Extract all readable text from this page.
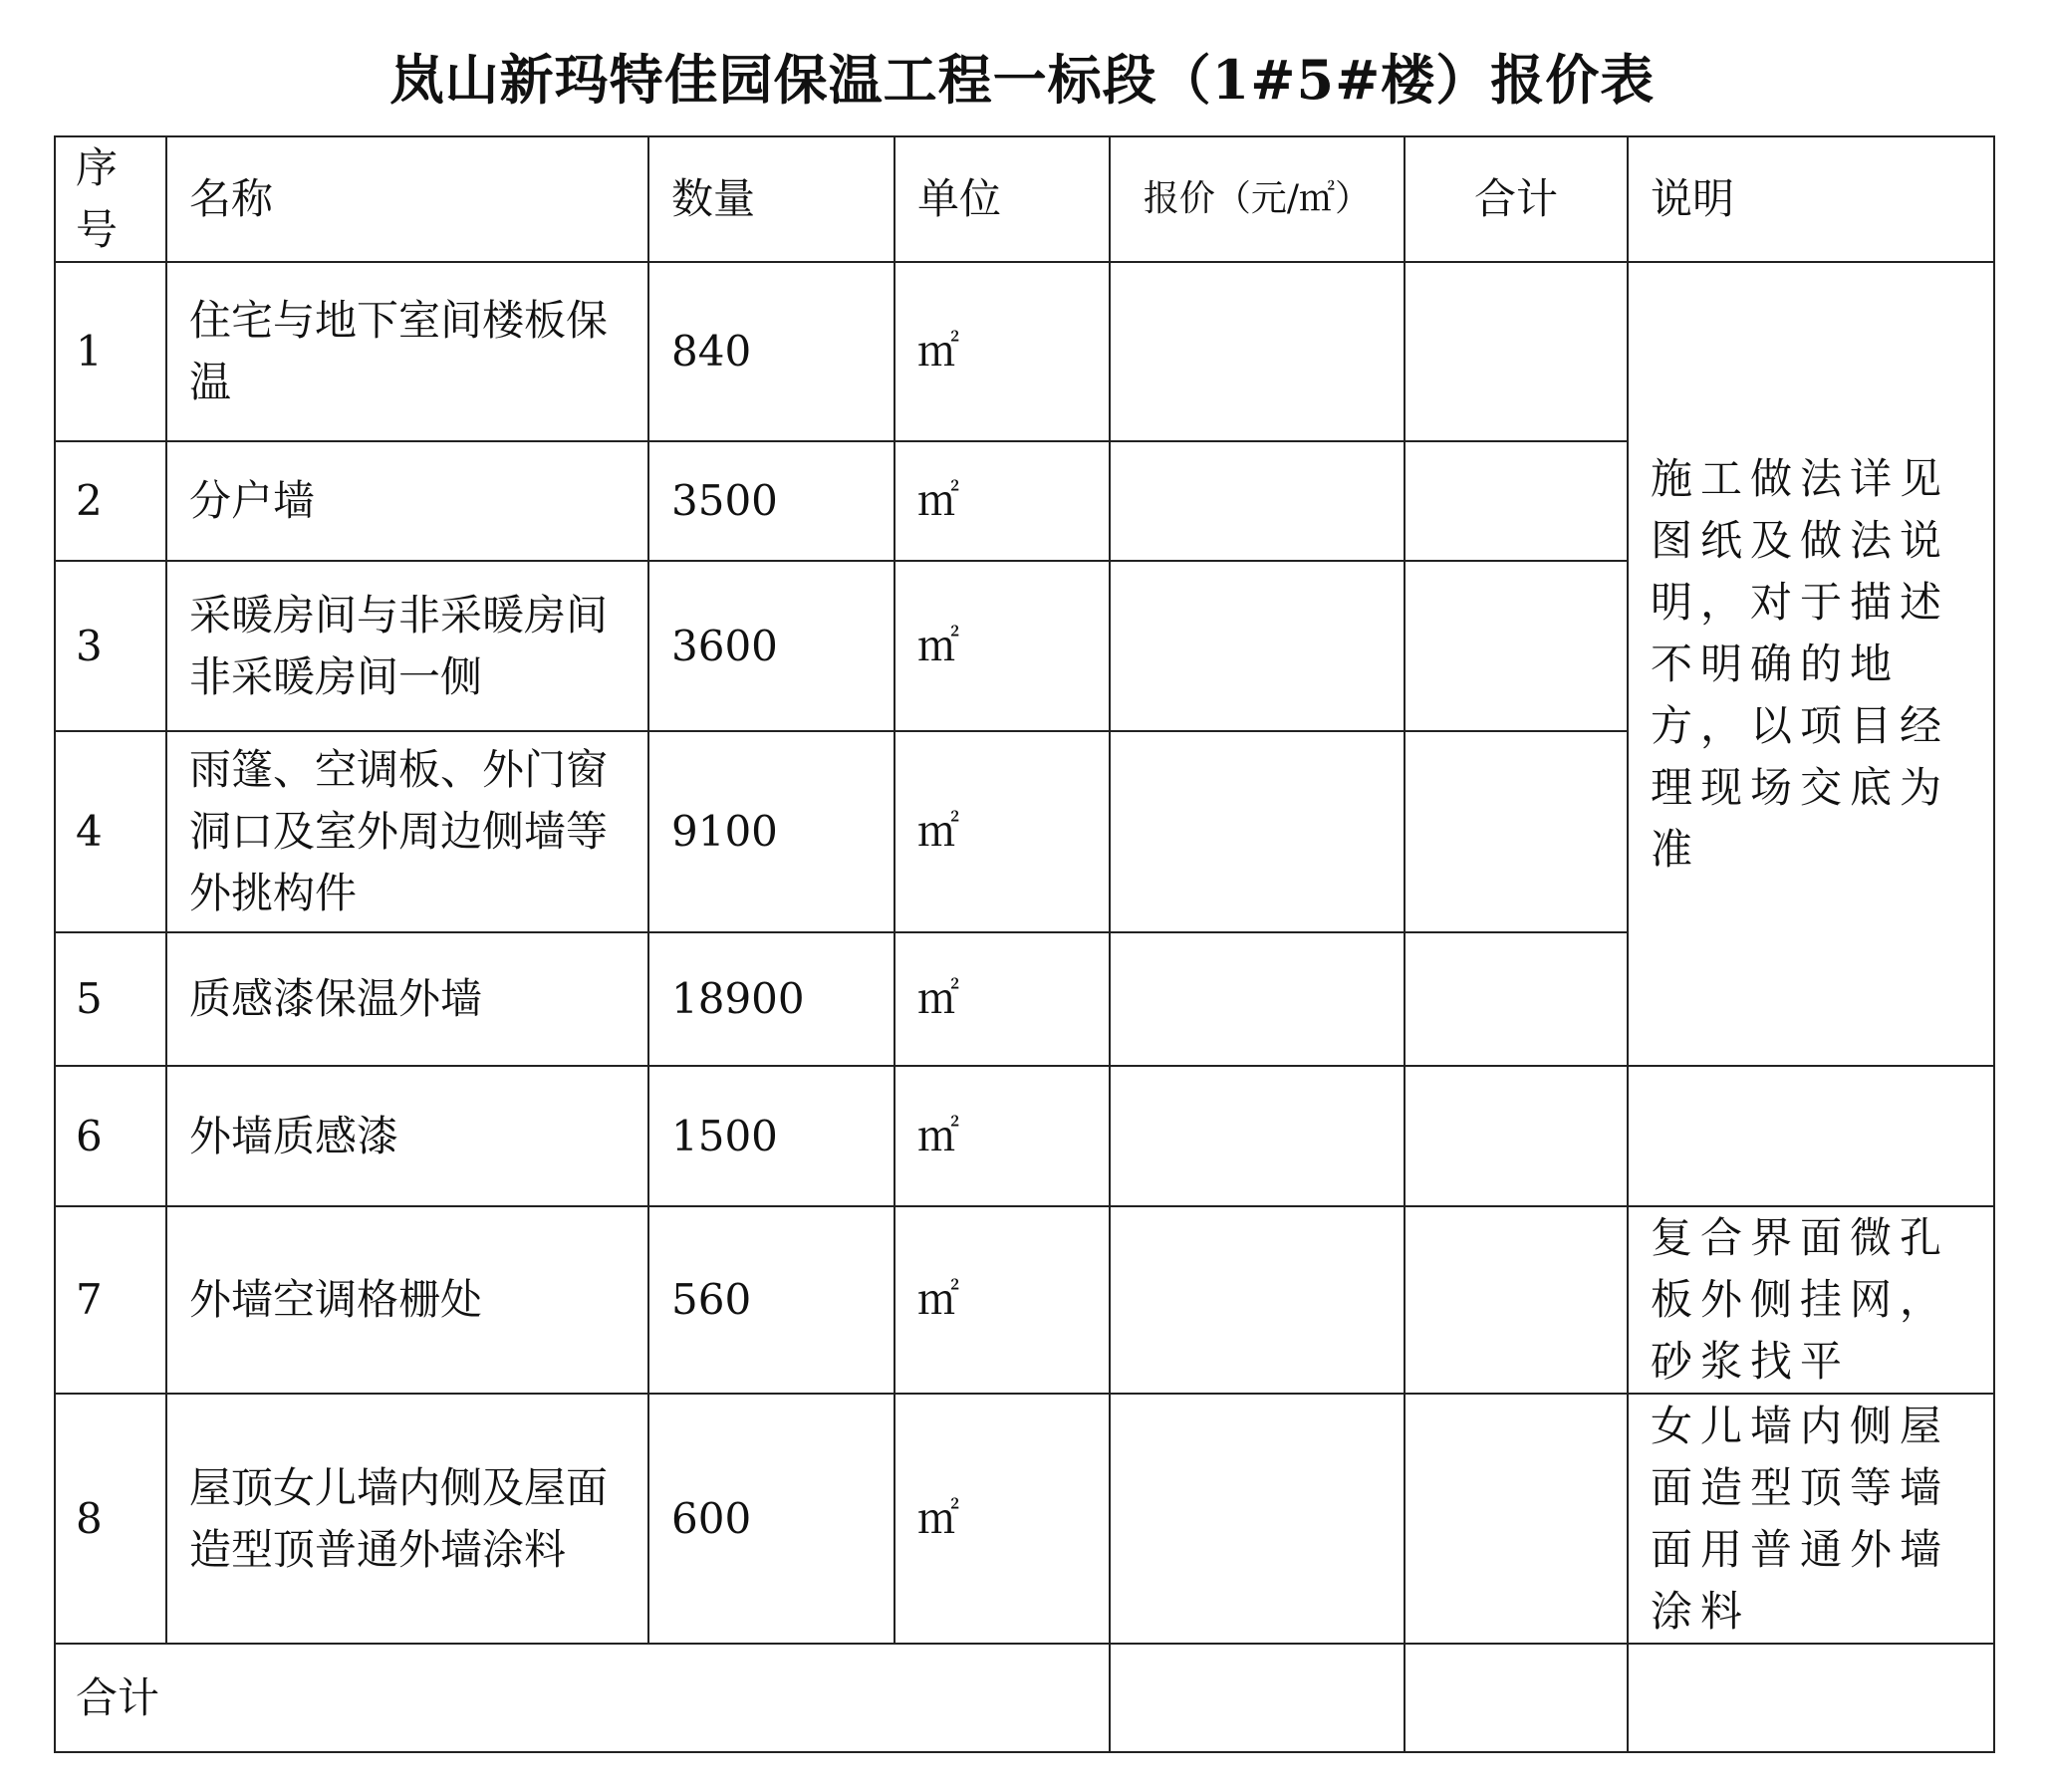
岚山新玛特佳园保温工程一标段（1#5#楼）报价表
序号	名称	数量	单位	报价（元/㎡）	合计	说明
1	住宅与地下室间楼板保温	840	㎡			施工做法详见图纸及做法说明，对于描述不明确的地方，以项目经理现场交底为准
2	分户墙	3500	㎡			
3	采暖房间与非采暖房间非采暖房间一侧	3600	㎡			
4	雨篷、空调板、外门窗洞口及室外周边侧墙等外挑构件	9100	㎡			
5	质感漆保温外墙	18900	㎡			
6	外墙质感漆	1500	㎡			
7	外墙空调格栅处	560	㎡			复合界面微孔板外侧挂网，砂浆找平
8	屋顶女儿墙内侧及屋面造型顶普通外墙涂料	600	㎡			女儿墙内侧屋面造型顶等墙面用普通外墙涂料
合计						
